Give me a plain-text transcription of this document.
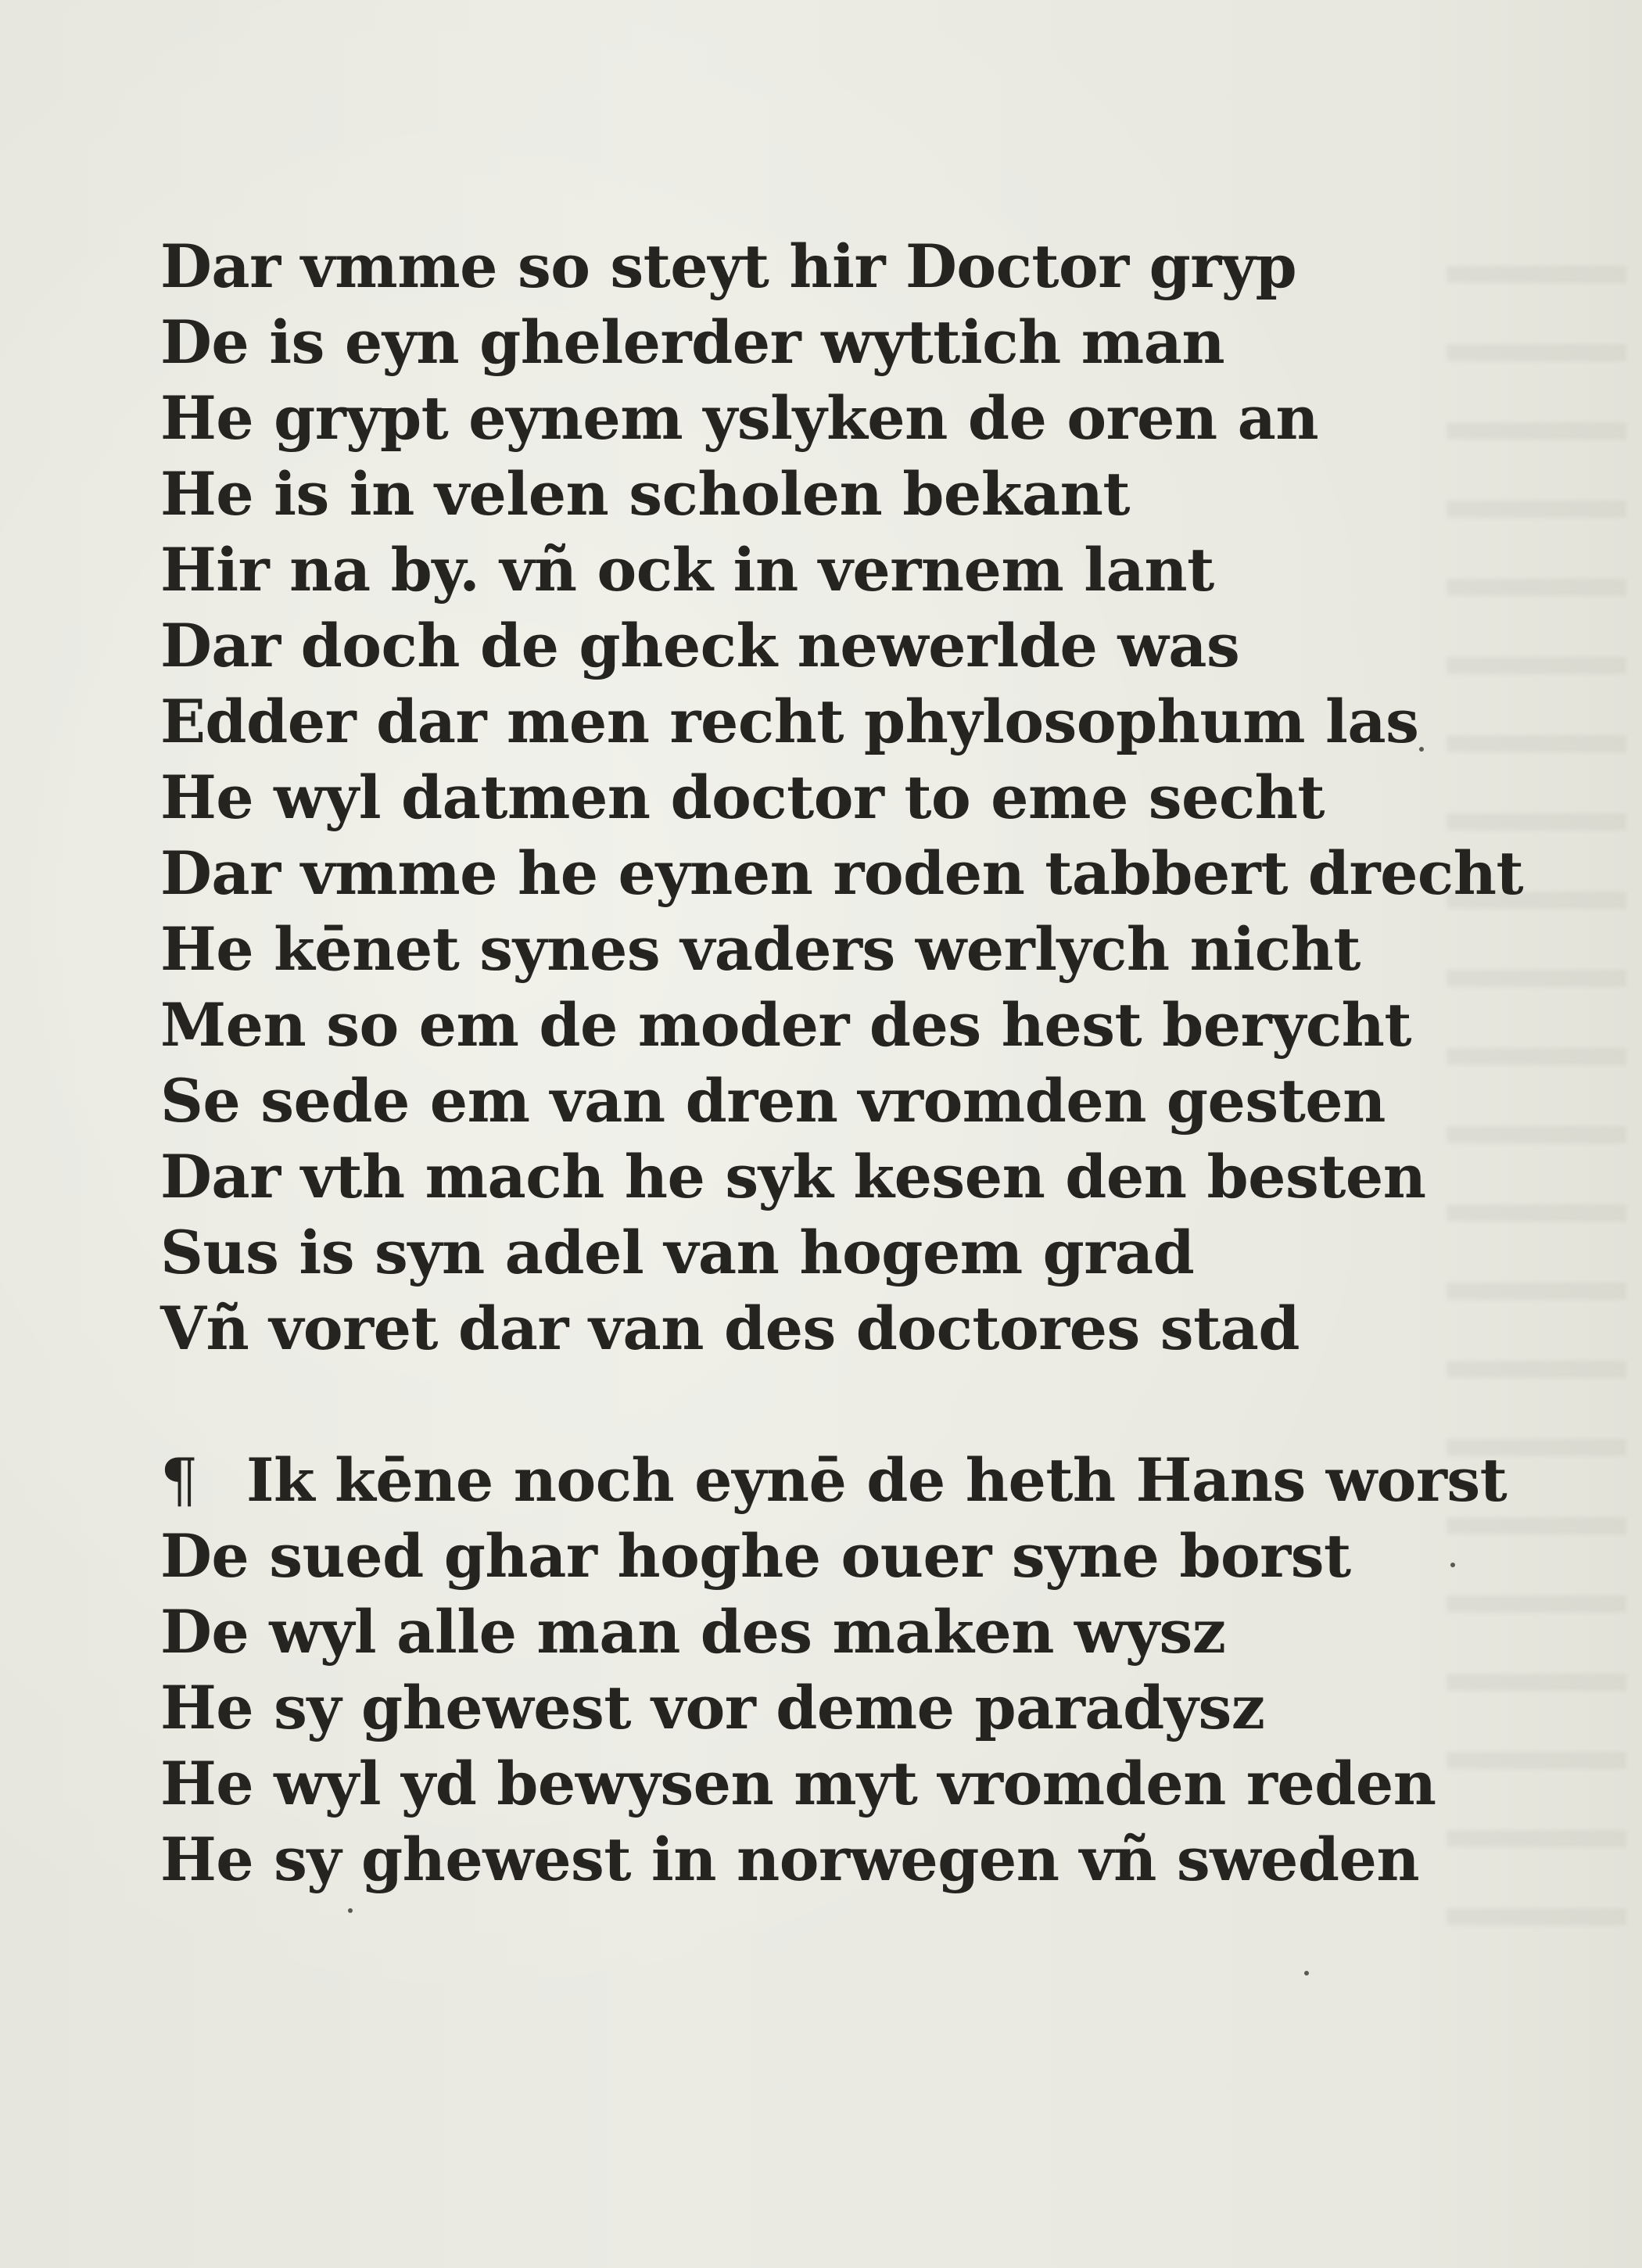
Dar vmme so steyt hir Doctor gryp
De is eyn ghelerder wyttich man
He grypt eynem yslyken de oren an
He is in velen scholen bekant
Hir na by. vñ ock in vernem lant
Dar doch de gheck newerlde was
Edder dar men recht phylosophum las
He wyl datmen doctor to eme secht
Dar vmme he eynen roden tabbert drecht
He kēnet synes vaders werlych nicht
Men so em de moder des hest berycht
Se sede em van dren vromden gesten
Dar vth mach he syk kesen den besten
Sus is syn adel van hogem grad
Vñ voret dar van des doctores stad
¶ Ik kēne noch eynē de heth Hans worst
De sued ghar hoghe ouer syne borst
De wyl alle man des maken wysz
He sy ghewest vor deme paradysz
He wyl yd bewysen myt vromden reden
He sy ghewest in norwegen vñ sweden
